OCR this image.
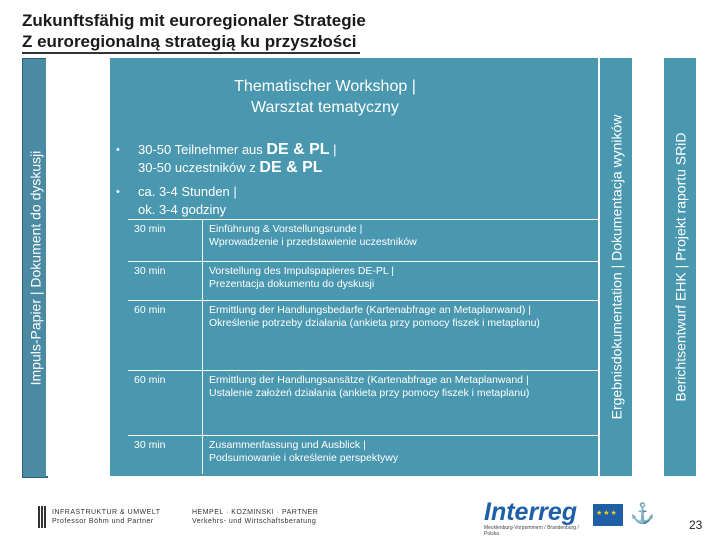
Zukunftsfähig mit euroregionaler Strategie
Z euroregionalną strategią ku przyszłości
Impuls-Papier | Dokument do dyskusji	Ergebnisdokumentation | Dokumentacja wyników	Berichtsentwurf EHK | Projekt raportu SRiD
Thematischer Workshop |
Warsztat tematyczny
• 30-50 Teilnehmer aus DE & PL |
30-50 uczestników z DE & PL
• ca. 3-4 Stunden |
ok. 3-4 godziny
30 min	Einführung & Vorstellungsrunde |
Wprowadzenie i przedstawienie uczestników

30 min	Vorstellung des Impulspapieres DE-PL |
Prezentacja dokumentu do dyskusji

60 min	Ermittlung der Handlungsbedarfe (Kartenabfrage an Metaplanwand) |
Określenie potrzeby działania (ankieta przy pomocy fiszek i metaplanu)

60 min	Ermittlung der Handlungsansätze (Kartenabfrage an Metaplanwand |
Ustalenie założeń działania (ankieta przy pomocy fiszek i metaplanu)

30 min	Zusammenfassung und Ausblick |
Podsumowanie i określenie perspektywy
INFRASTRUKTUR & UMWELT
Professor Böhm und Partner
HEMPEL · KOZMINSKI · PARTNER
Verkehrs- und Wirtschaftsberatung	Interreg
Mecklenburg-Vorpommern / Brandenburg / Polska
★★★
⚓	23
